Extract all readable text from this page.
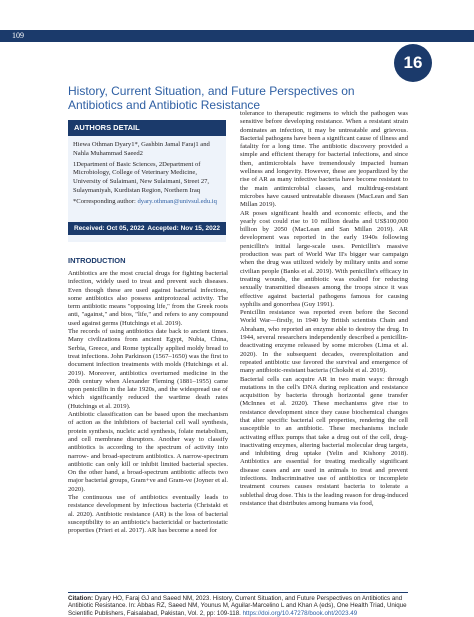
109
16
History, Current Situation, and Future Perspectives on Antibiotics and Antibiotic Resistance
AUTHORS DETAIL

Hiewa Othman Dyary1*, Gashbin Jamal Faraj1 and Nahla Muhammad Saeed2

1Department of Basic Sciences, 2Department of Microbiology, College of Veterinary Medicine, University of Sulaimani, New Sulaimani, Street 27, Sulaymaniyah, Kurdistan Region, Northern Iraq

*Corresponding author: dyary.othman@univsul.edu.iq

Received: Oct 05, 2022 Accepted: Nov 15, 2022
INTRODUCTION

Antibiotics are the most crucial drugs for fighting bacterial infection, widely used to treat and prevent such diseases. Even though these are used against bacterial infections, some antibiotics also possess antiprotozoal activity. The term antibiotic means "opposing life," from the Greek roots anti, "against," and bios, "life," and refers to any compound used against germs (Hutchings et al. 2019).

The records of using antibiotics date back to ancient times. Many civilizations from ancient Egypt, Nubia, China, Serbia, Greece, and Rome typically applied moldy bread to treat infections. John Parkinson (1567–1650) was the first to document infection treatments with molds (Hutchings et al. 2019). Moreover, antibiotics overturned medicine in the 20th century when Alexander Fleming (1881–1955) came upon penicillin in the late 1920s, and the widespread use of which significantly reduced the wartime death rates (Hutchings et al. 2019).

Antibiotic classification can be based upon the mechanism of action as the inhibitors of bacterial cell wall synthesis, protein synthesis, nucleic acid synthesis, folate metabolism, and cell membrane disruptors. Another way to classify antibiotics is according to the spectrum of activity into narrow- and broad-spectrum antibiotics. A narrow-spectrum antibiotic can only kill or inhibit limited bacterial species. On the other hand, a broad-spectrum antibiotic affects two major bacterial groups, Gram+ve and Gram-ve (Joyner et al. 2020).

The continuous use of antibiotics eventually leads to resistance development by infectious bacteria (Christaki et al. 2020). Antibiotic resistance (AR) is the loss of bacterial susceptibility to an antibiotic's bactericidal or bacteriostatic properties (Frieri et al. 2017). AR has become a need for

tolerance to therapeutic regimens to which the pathogen was sensitive before developing resistance. When a resistant strain dominates an infection, it may be untreatable and grievous. Bacterial pathogens have been a significant cause of illness and fatality for a long time. The antibiotic discovery provided a simple and efficient therapy for bacterial infections, and since then, antimicrobials have tremendously impacted human wellness and longevity. However, these are jeopardized by the rise of AR as many infective bacteria have become resistant to the main antimicrobial classes, and multidrug-resistant microbes have caused untreatable diseases (MacLean and San Millan 2019).

AR poses significant health and economic effects, and the yearly cost could rise to 10 million deaths and US$100,000 billion by 2050 (MacLean and San Millan 2019). AR development was reported in the early 1940s following penicillin's initial large-scale uses. Penicillin's massive production was part of World War II's bigger war campaign when the drug was utilized widely by military units and some civilian people (Banks et al. 2019). With penicillin's efficacy in treating wounds, the antibiotic was exalted for reducing sexually transmitted diseases among the troops since it was effective against bacterial pathogens famous for causing syphilis and gonorrhea (Guy 1991).

Penicillin resistance was reported even before the Second World War—firstly, in 1940 by British scientists Chain and Abraham, who reported an enzyme able to destroy the drug. In 1944, several researchers independently described a penicillin-deactivating enzyme released by some microbes (Lima et al. 2020). In the subsequent decades, overexploitation and repeated antibiotic use favored the survival and emergence of many antibiotic-resistant bacteria (Chokshi et al. 2019).

Bacterial cells can acquire AR in two main ways: through mutations in the cell's DNA during replication and resistance acquisition by bacteria through horizontal gene transfer (McInnes et al. 2020). These mechanisms give rise to resistance development since they cause biochemical changes that alter specific bacterial cell properties, rendering the cell susceptible to an antibiotic. These mechanisms include activating efflux pumps that take a drug out of the cell, drug-inactivating enzymes, altering bacterial molecular drug targets, and inhibiting drug uptake (Yelin and Kishony 2018). Antibiotics are essential for treating medically significant disease cases and are used in animals to treat and prevent infections. Indiscriminative use of antibiotics or incomplete treatment courses causes resistant bacteria to tolerate a sublethal drug dose. This is the leading reason for drug-induced resistance that distributes among humans via food,

Citation: Dyary HO, Faraj GJ and Saeed NM, 2023. History, Current Situation, and Future Perspectives on Antibiotics and Antibiotic Resistance. In: Abbas RZ, Saeed NM, Younus M, Aguilar-Marcelino L and Khan A (eds), One Health Triad, Unique Scientific Publishers, Faisalabad, Pakistan, Vol. 2, pp: 109-118. https://doi.org/10.47278/book.oht/2023.49
